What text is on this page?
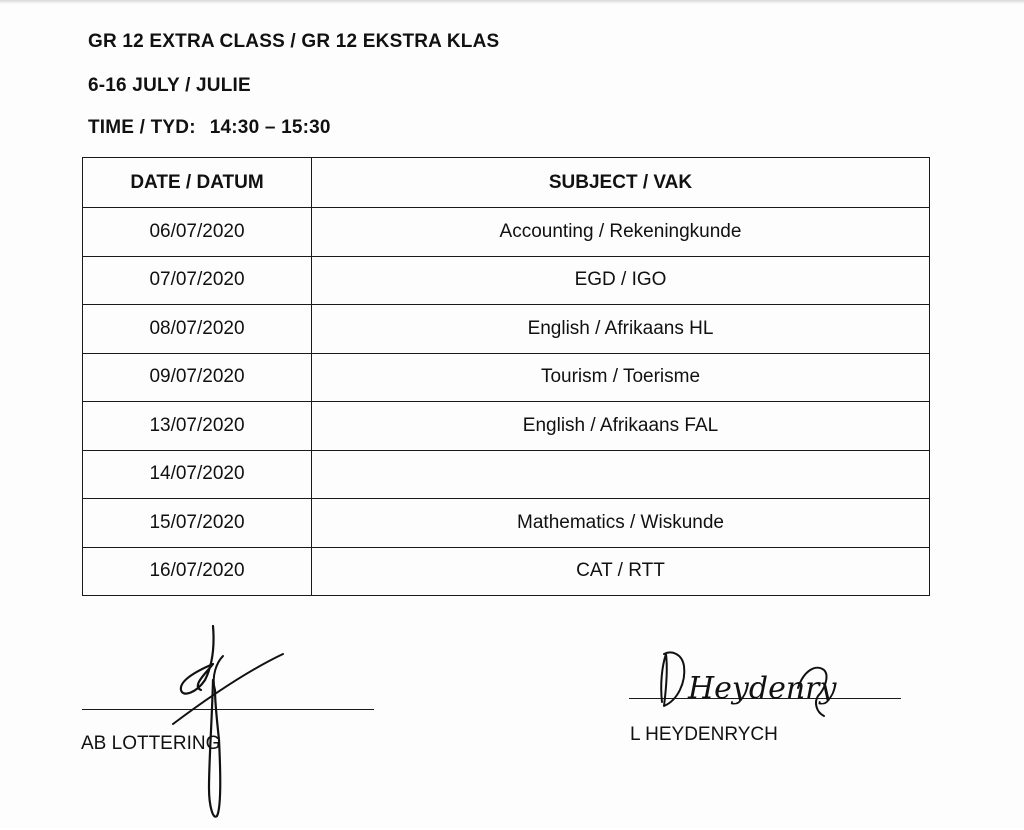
GR 12 EXTRA CLASS / GR 12 EKSTRA KLAS
6-16 JULY / JULIE
TIME / TYD: 14:30 – 15:30
DATE / DATUM	SUBJECT / VAK
06/07/2020	Accounting / Rekeningkunde
07/07/2020	EGD / IGO
08/07/2020	English / Afrikaans HL
09/07/2020	Tourism / Toerisme
13/07/2020	English / Afrikaans FAL
14/07/2020	
15/07/2020	Mathematics / Wiskunde
16/07/2020	CAT / RTT
AB LOTTERING	L HEYDENRYCH
Heydenry
